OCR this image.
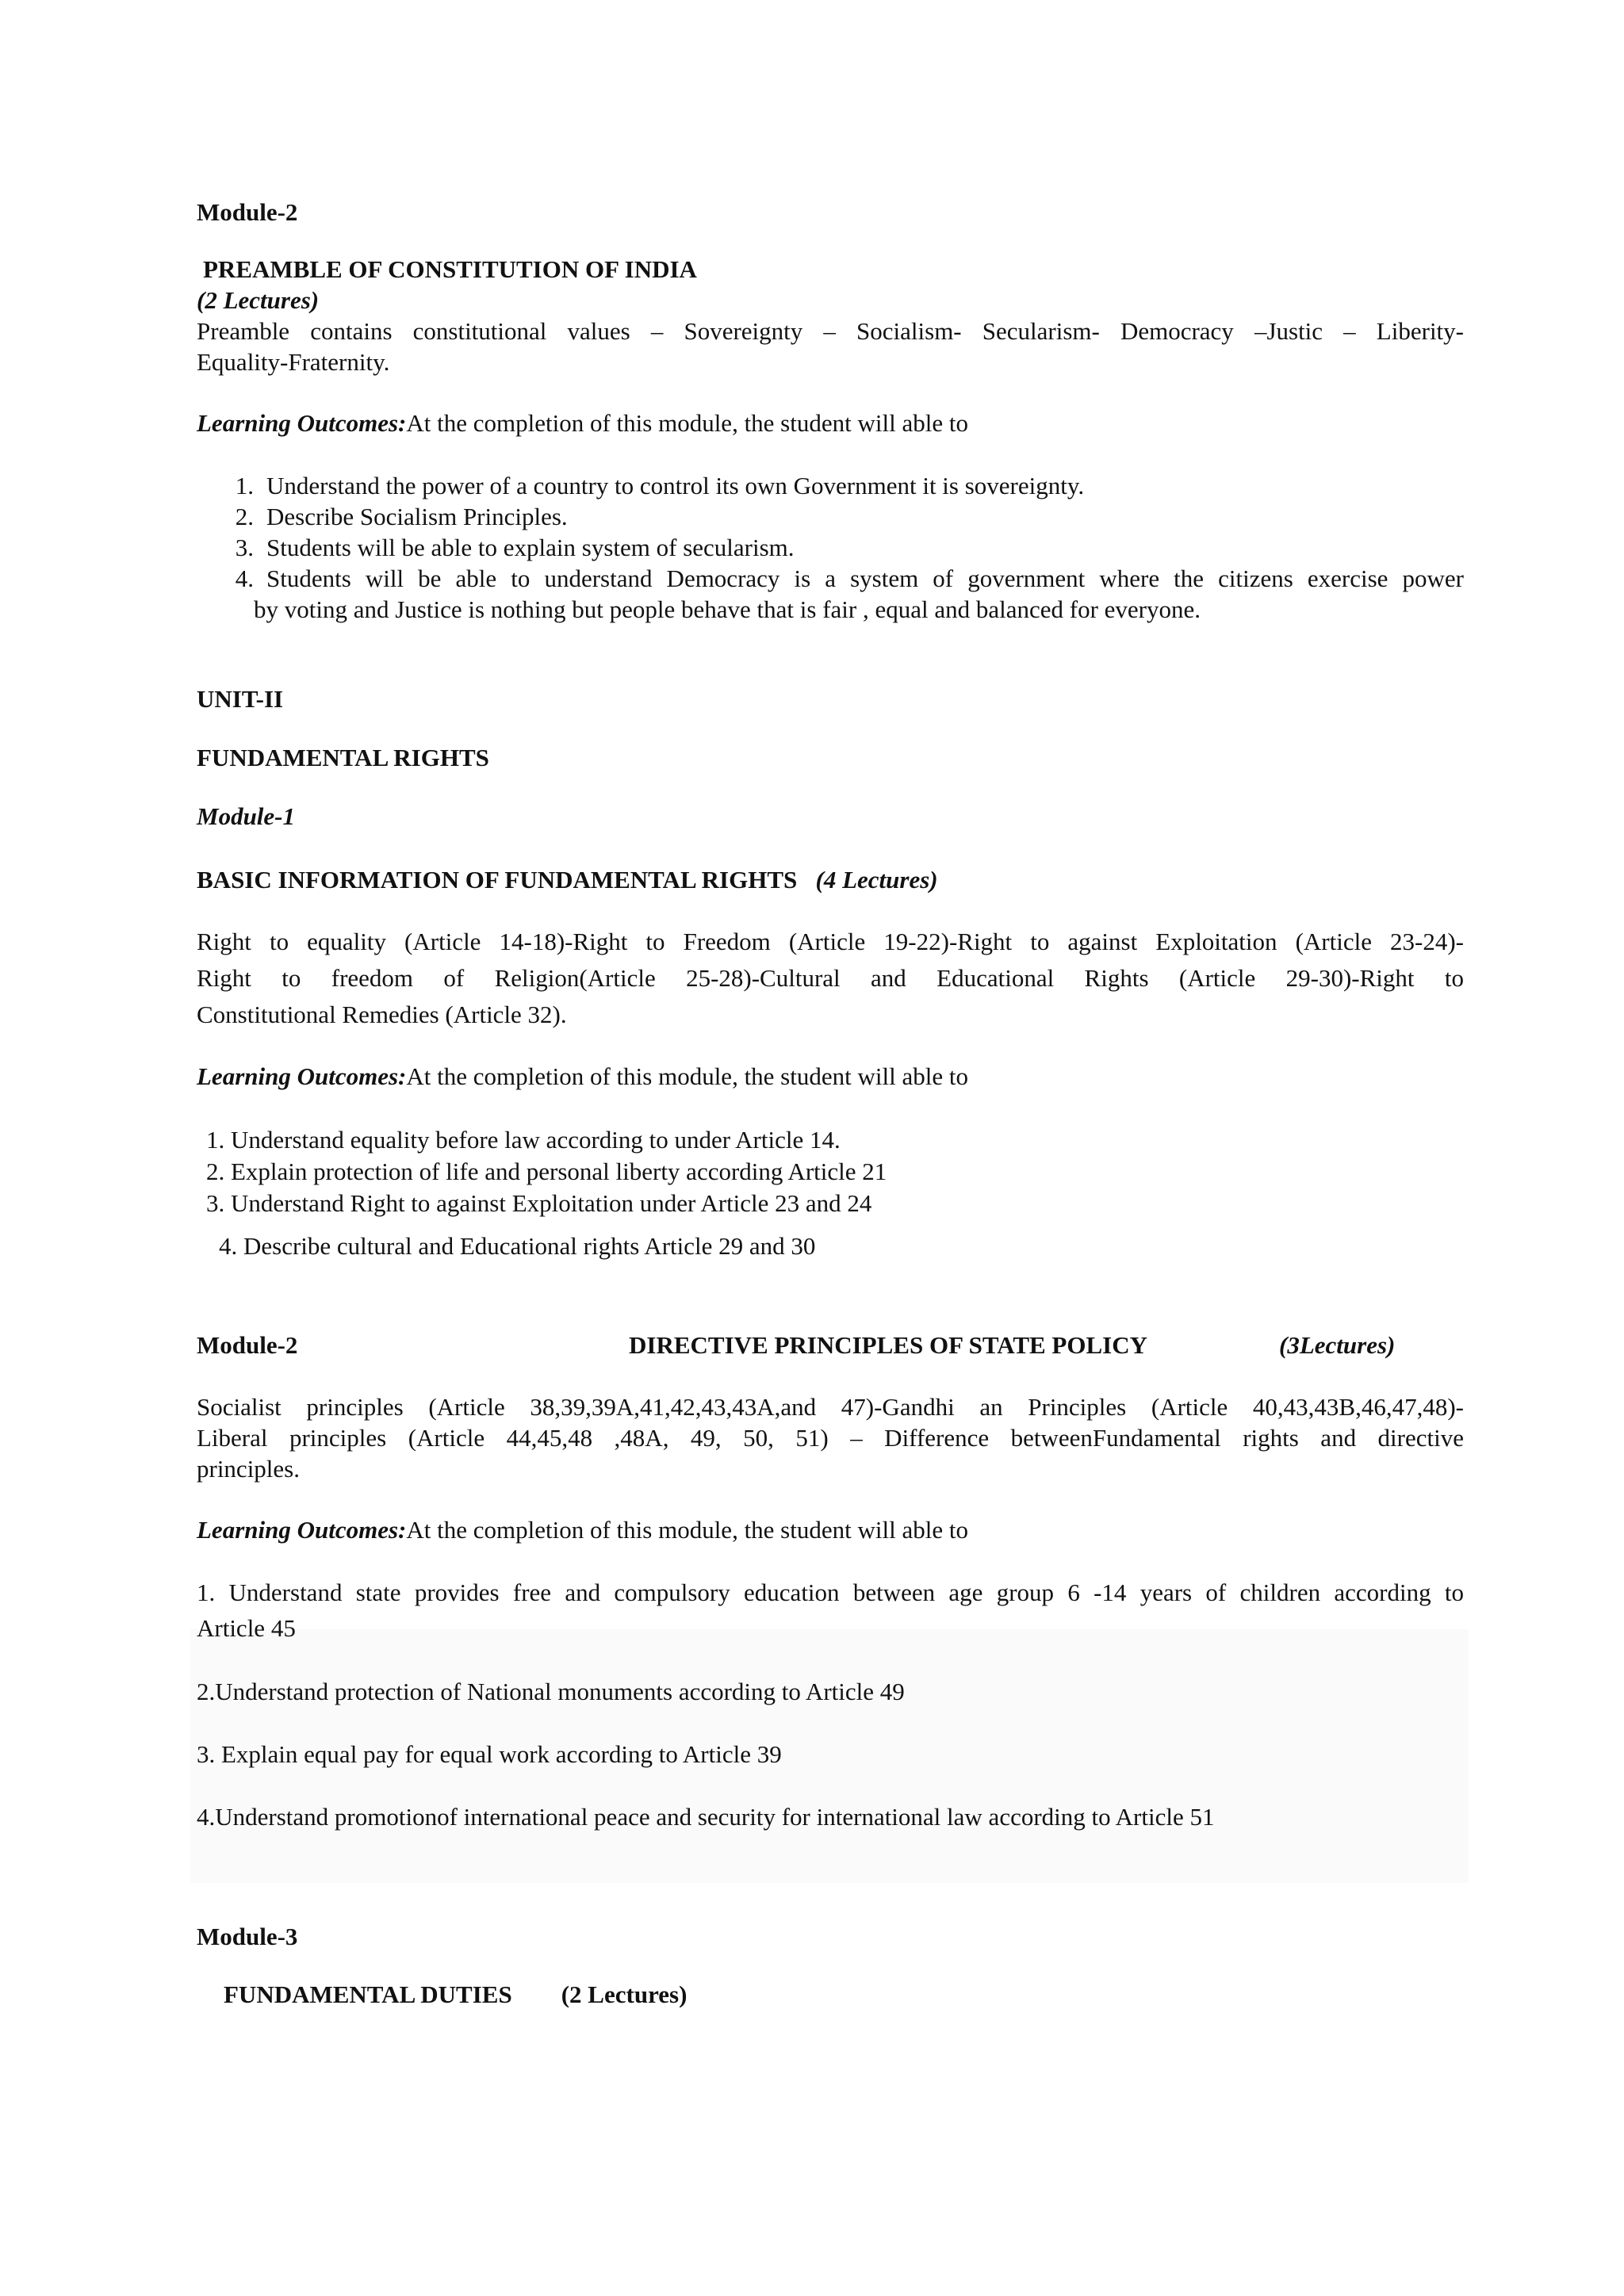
Module-2
PREAMBLE OF CONSTITUTION OF INDIA
(2 Lectures)
Preamble contains constitutional values – Sovereignty – Socialism- Secularism- Democracy –Justic – Liberity-
Equality-Fraternity.
Learning Outcomes:At the completion of this module, the student will able to
1. Understand the power of a country to control its own Government it is sovereignty.
2. Describe Socialism Principles.
3. Students will be able to explain system of secularism.
4. Students will be able to understand Democracy is a system of government where the citizens exercise power
by voting and Justice is nothing but people behave that is fair , equal and balanced for everyone.
UNIT-II
FUNDAMENTAL RIGHTS
Module-1
BASIC INFORMATION OF FUNDAMENTAL RIGHTS (4 Lectures)
Right to equality (Article 14-18)-Right to Freedom (Article 19-22)-Right to against Exploitation (Article 23-24)-
Right to freedom of Religion(Article 25-28)-Cultural and Educational Rights (Article 29-30)-Right to
Constitutional Remedies (Article 32).
Learning Outcomes:At the completion of this module, the student will able to
1. Understand equality before law according to under Article 14.
2. Explain protection of life and personal liberty according Article 21
3. Understand Right to against Exploitation under Article 23 and 24
4. Describe cultural and Educational rights Article 29 and 30
Module-2	DIRECTIVE PRINCIPLES OF STATE POLICY	(3Lectures)
Socialist principles (Article 38,39,39A,41,42,43,43A,and 47)-Gandhi an Principles (Article 40,43,43B,46,47,48)-
Liberal principles (Article 44,45,48 ,48A, 49, 50, 51) – Difference betweenFundamental rights and directive
principles.
Learning Outcomes:At the completion of this module, the student will able to
1. Understand state provides free and compulsory education between age group 6 -14 years of children according to
Article 45
2.Understand protection of National monuments according to Article 49
3. Explain equal pay for equal work according to Article 39
4.Understand promotionof international peace and security for international law according to Article 51
Module-3
FUNDAMENTAL DUTIES (2 Lectures)
